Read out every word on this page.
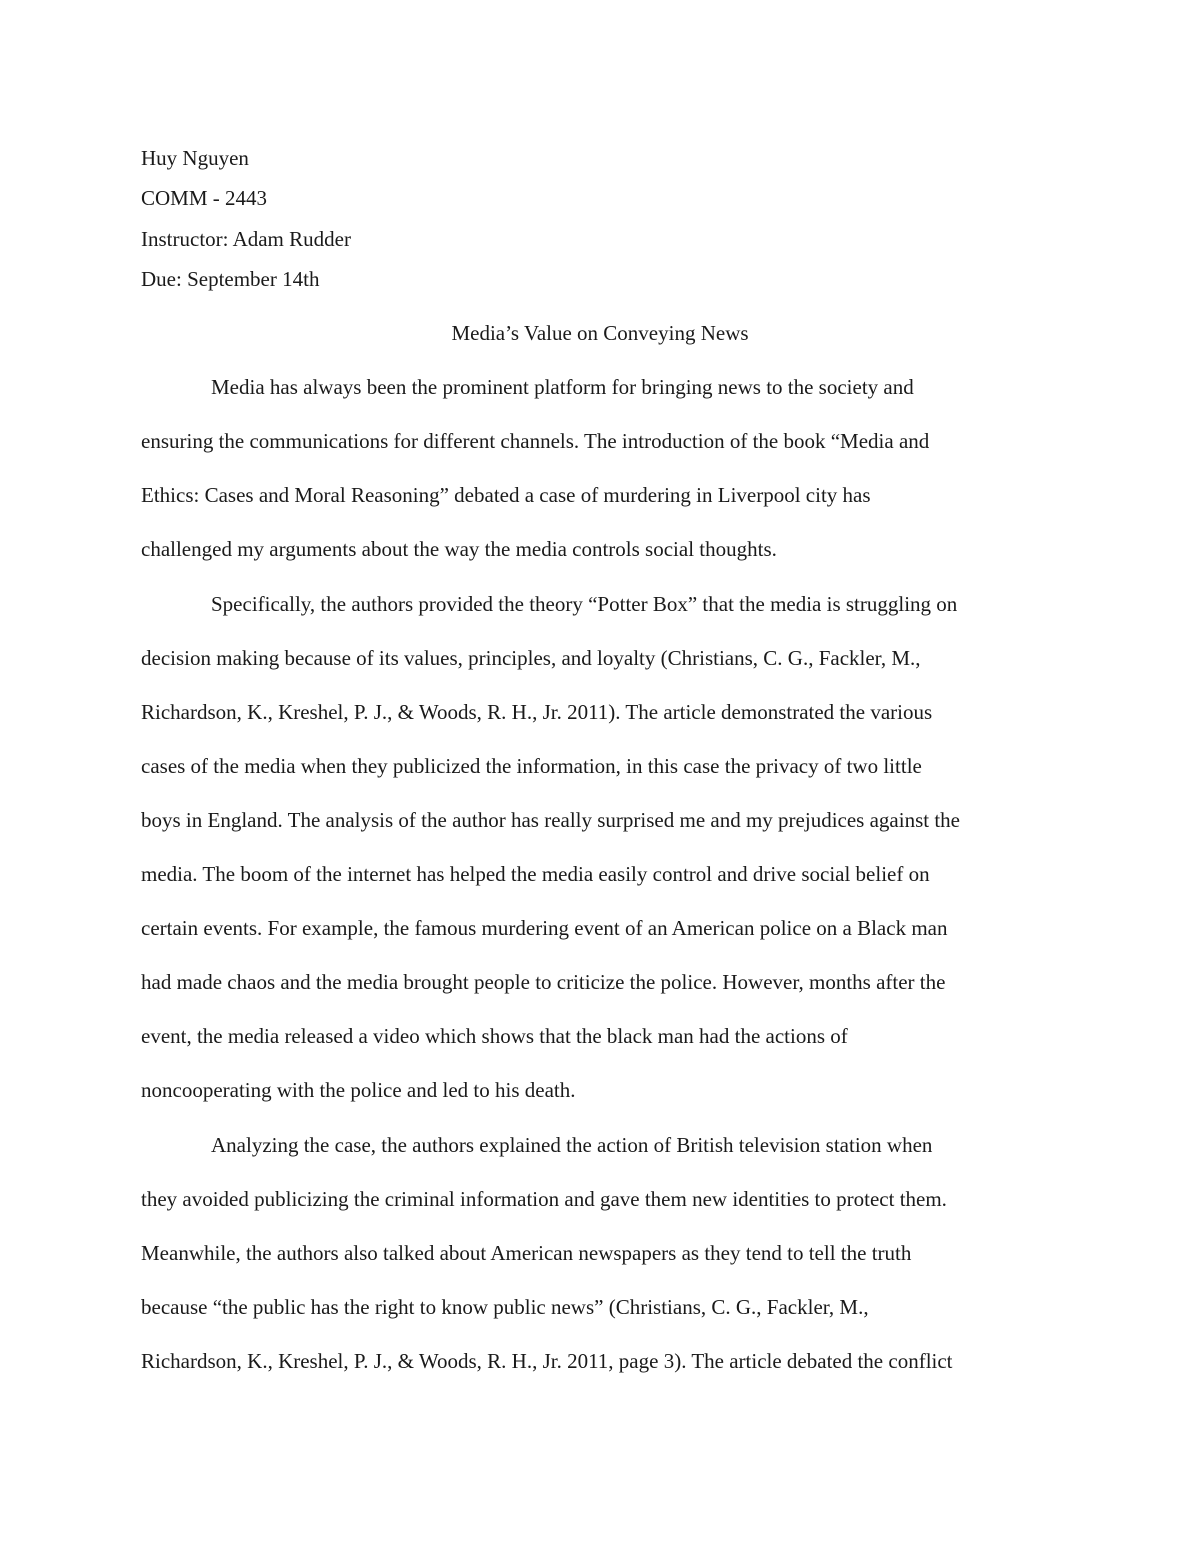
Huy Nguyen
COMM - 2443
Instructor: Adam Rudder
Due: September 14th
Media’s Value on Conveying News
Media has always been the prominent platform for bringing news to the society and
ensuring the communications for different channels. The introduction of the book “Media and
Ethics: Cases and Moral Reasoning” debated a case of murdering in Liverpool city has
challenged my arguments about the way the media controls social thoughts.
Specifically, the authors provided the theory “Potter Box” that the media is struggling on
decision making because of its values, principles, and loyalty (Christians, C. G., Fackler, M.,
Richardson, K., Kreshel, P. J., & Woods, R. H., Jr. 2011). The article demonstrated the various
cases of the media when they publicized the information, in this case the privacy of two little
boys in England. The analysis of the author has really surprised me and my prejudices against the
media. The boom of the internet has helped the media easily control and drive social belief on
certain events. For example, the famous murdering event of an American police on a Black man
had made chaos and the media brought people to criticize the police. However, months after the
event, the media released a video which shows that the black man had the actions of
noncooperating with the police and led to his death.
Analyzing the case, the authors explained the action of British television station when
they avoided publicizing the criminal information and gave them new identities to protect them.
Meanwhile, the authors also talked about American newspapers as they tend to tell the truth
because “the public has the right to know public news” (Christians, C. G., Fackler, M.,
Richardson, K., Kreshel, P. J., & Woods, R. H., Jr. 2011, page 3). The article debated the conflict
